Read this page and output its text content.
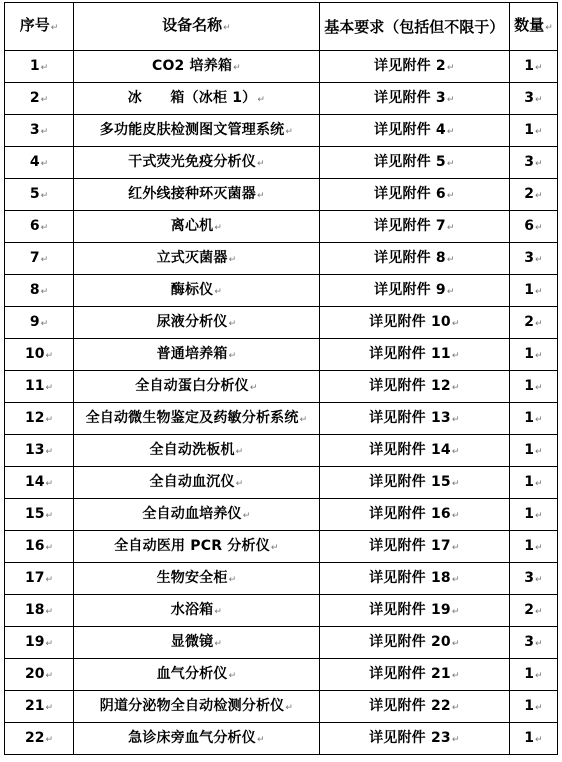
序号↵	设备名称↵	基本要求（包括但不限于）	数量↵
1↵	CO2 培养箱↵	详见附件 2↵	1↵
2↵	冰　　箱（冰柜 1）↵	详见附件 3↵	3↵
3↵	多功能皮肤检测图文管理系统↵	详见附件 4↵	1↵
4↵	干式荧光免疫分析仪↵	详见附件 5↵	3↵
5↵	红外线接种环灭菌器↵	详见附件 6↵	2↵
6↵	离心机↵	详见附件 7↵	6↵
7↵	立式灭菌器↵	详见附件 8↵	3↵
8↵	酶标仪↵	详见附件 9↵	1↵
9↵	尿液分析仪↵	详见附件 10↵	2↵
10↵	普通培养箱↵	详见附件 11↵	1↵
11↵	全自动蛋白分析仪↵	详见附件 12↵	1↵
12↵	全自动微生物鉴定及药敏分析系统↵	详见附件 13↵	1↵
13↵	全自动洗板机↵	详见附件 14↵	1↵
14↵	全自动血沉仪↵	详见附件 15↵	1↵
15↵	全自动血培养仪↵	详见附件 16↵	1↵
16↵	全自动医用 PCR 分析仪↵	详见附件 17↵	1↵
17↵	生物安全柜↵	详见附件 18↵	3↵
18↵	水浴箱↵	详见附件 19↵	2↵
19↵	显微镜↵	详见附件 20↵	3↵
20↵	血气分析仪↵	详见附件 21↵	1↵
21↵	阴道分泌物全自动检测分析仪↵	详见附件 22↵	1↵
22↵	急诊床旁血气分析仪↵	详见附件 23↵	1↵
